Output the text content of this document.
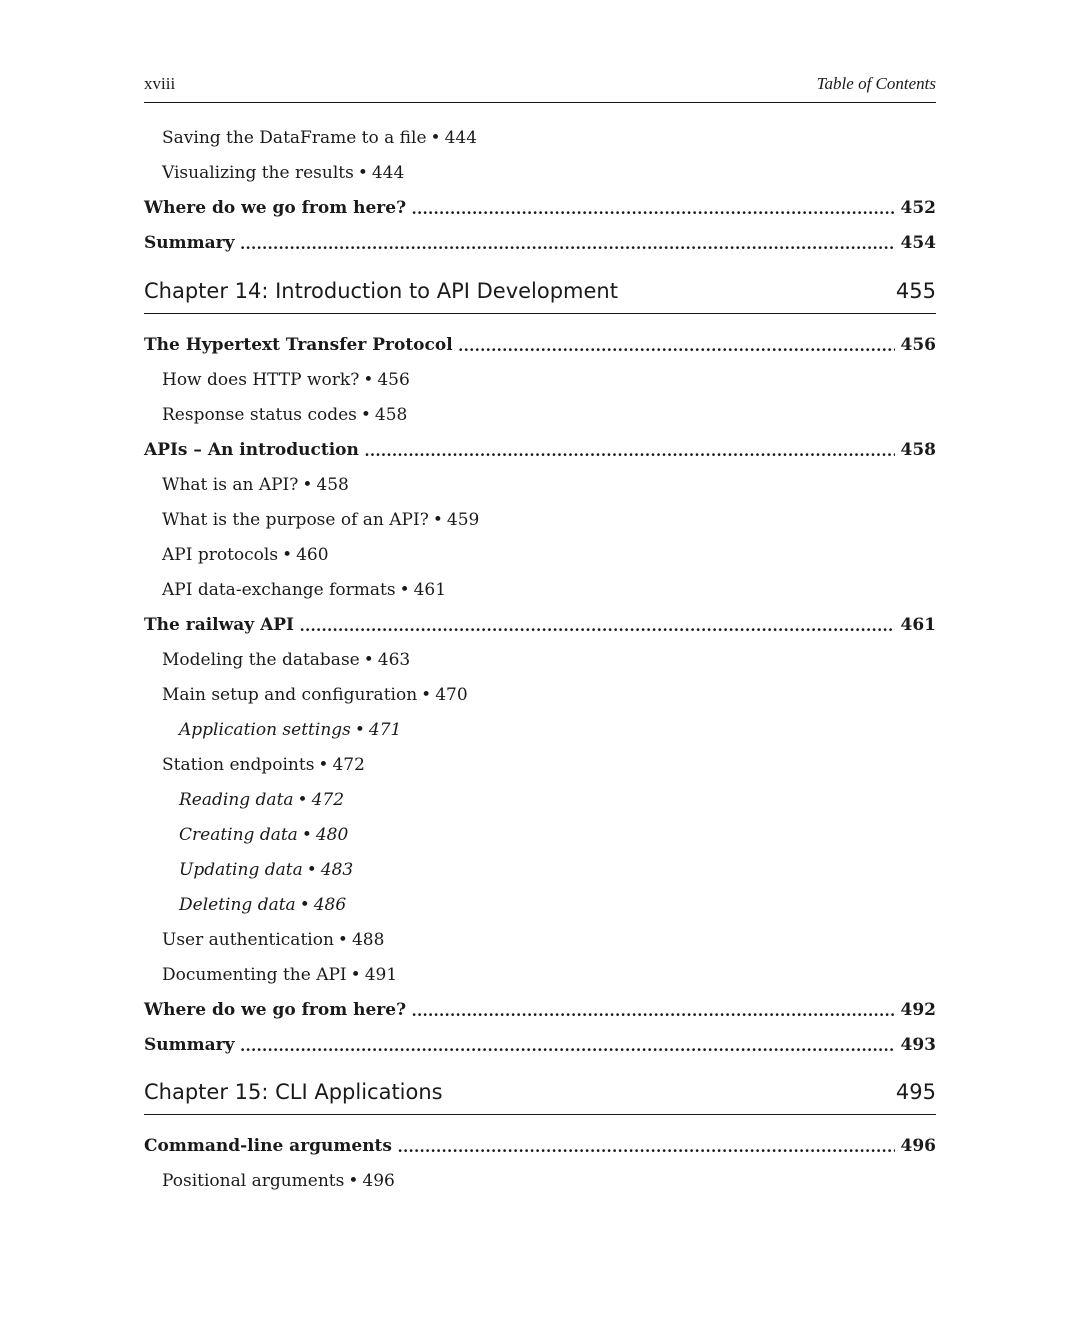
xviii	Table of Contents
Saving the DataFrame to a file • 444
Visualizing the results • 444
Where do we go from here? . . .	452
Summary . . .	454
Chapter 14: Introduction to API Development	455
The Hypertext Transfer Protocol . . .	456
How does HTTP work? • 456
Response status codes • 458
APIs – An introduction . . .	458
What is an API? • 458
What is the purpose of an API? • 459
API protocols • 460
API data-exchange formats • 461
The railway API . . .	461
Modeling the database • 463
Main setup and configuration • 470
Application settings • 471
Station endpoints • 472
Reading data • 472
Creating data • 480
Updating data • 483
Deleting data • 486
User authentication • 488
Documenting the API • 491
Where do we go from here? . . .	492
Summary . . .	493
Chapter 15: CLI Applications	495
Command-line arguments . . .	496
Positional arguments • 496
